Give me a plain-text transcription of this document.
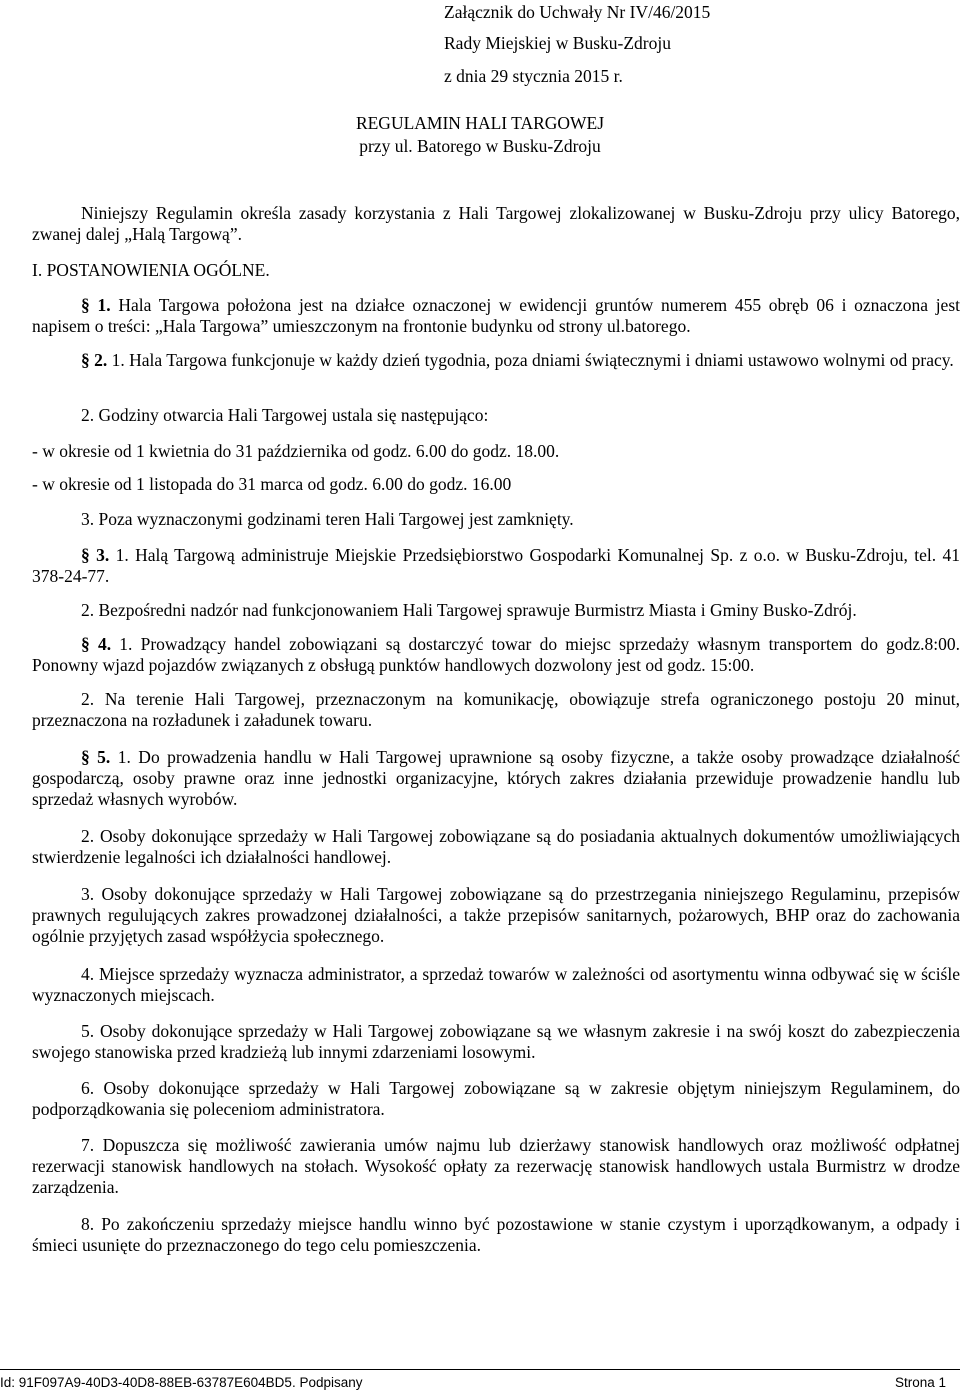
Załącznik do Uchwały Nr IV/46/2015
Rady Miejskiej w Busku-Zdroju
z dnia 29 stycznia 2015 r.
REGULAMIN HALI TARGOWEJ
przy ul. Batorego w Busku-Zdroju
Niniejszy Regulamin określa zasady korzystania z Hali Targowej zlokalizowanej w Busku-Zdroju przy ulicy Batorego, zwanej dalej „Halą Targową”.
I. POSTANOWIENIA OGÓLNE.
§ 1. Hala Targowa położona jest na działce oznaczonej w ewidencji gruntów numerem 455 obręb 06 i oznaczona jest napisem o treści: „Hala Targowa” umieszczonym na frontonie budynku od strony ul.batorego.
§ 2. 1. Hala Targowa funkcjonuje w każdy dzień tygodnia, poza dniami świątecznymi i dniami ustawowo wolnymi od pracy.
2. Godziny otwarcia Hali Targowej ustala się następująco:
- w okresie od 1 kwietnia do 31 października od godz. 6.00 do godz. 18.00.
- w okresie od 1 listopada do 31 marca od godz. 6.00 do godz. 16.00
3. Poza wyznaczonymi godzinami teren Hali Targowej jest zamknięty.
§ 3. 1. Halą Targową administruje Miejskie Przedsiębiorstwo Gospodarki Komunalnej Sp. z o.o. w Busku-Zdroju, tel. 41 378-24-77.
2. Bezpośredni nadzór nad funkcjonowaniem Hali Targowej sprawuje Burmistrz Miasta i Gminy Busko-Zdrój.
§ 4. 1. Prowadzący handel zobowiązani są dostarczyć towar do miejsc sprzedaży własnym transportem do godz.8:00. Ponowny wjazd pojazdów związanych z obsługą punktów handlowych dozwolony jest od godz. 15:00.
2. Na terenie Hali Targowej, przeznaczonym na komunikację, obowiązuje strefa ograniczonego postoju 20 minut, przeznaczona na rozładunek i załadunek towaru.
§ 5. 1. Do prowadzenia handlu w Hali Targowej uprawnione są osoby fizyczne, a także osoby prowadzące działalność gospodarczą, osoby prawne oraz inne jednostki organizacyjne, których zakres działania przewiduje prowadzenie handlu lub sprzedaż własnych wyrobów.
2. Osoby dokonujące sprzedaży w Hali Targowej zobowiązane są do posiadania aktualnych dokumentów umożliwiających stwierdzenie legalności ich działalności handlowej.
3. Osoby dokonujące sprzedaży w Hali Targowej zobowiązane są do przestrzegania niniejszego Regulaminu, przepisów prawnych regulujących zakres prowadzonej działalności, a także przepisów sanitarnych, pożarowych, BHP oraz do zachowania ogólnie przyjętych zasad współżycia społecznego.
4. Miejsce sprzedaży wyznacza administrator, a sprzedaż towarów w zależności od asortymentu winna odbywać się w ściśle wyznaczonych miejscach.
5. Osoby dokonujące sprzedaży w Hali Targowej zobowiązane są we własnym zakresie i na swój koszt do zabezpieczenia swojego stanowiska przed kradzieżą lub innymi zdarzeniami losowymi.
6. Osoby dokonujące sprzedaży w Hali Targowej zobowiązane są w zakresie objętym niniejszym Regulaminem, do podporządkowania się poleceniom administratora.
7. Dopuszcza się możliwość zawierania umów najmu lub dzierżawy stanowisk handlowych oraz możliwość odpłatnej rezerwacji stanowisk handlowych na stołach. Wysokość opłaty za rezerwację stanowisk handlowych ustala Burmistrz w drodze zarządzenia.
8. Po zakończeniu sprzedaży miejsce handlu winno być pozostawione w stanie czystym i uporządkowanym, a odpady i śmieci usunięte do przeznaczonego do tego celu pomieszczenia.
Id: 91F097A9-40D3-40D8-88EB-63787E604BD5. Podpisany	Strona 1
